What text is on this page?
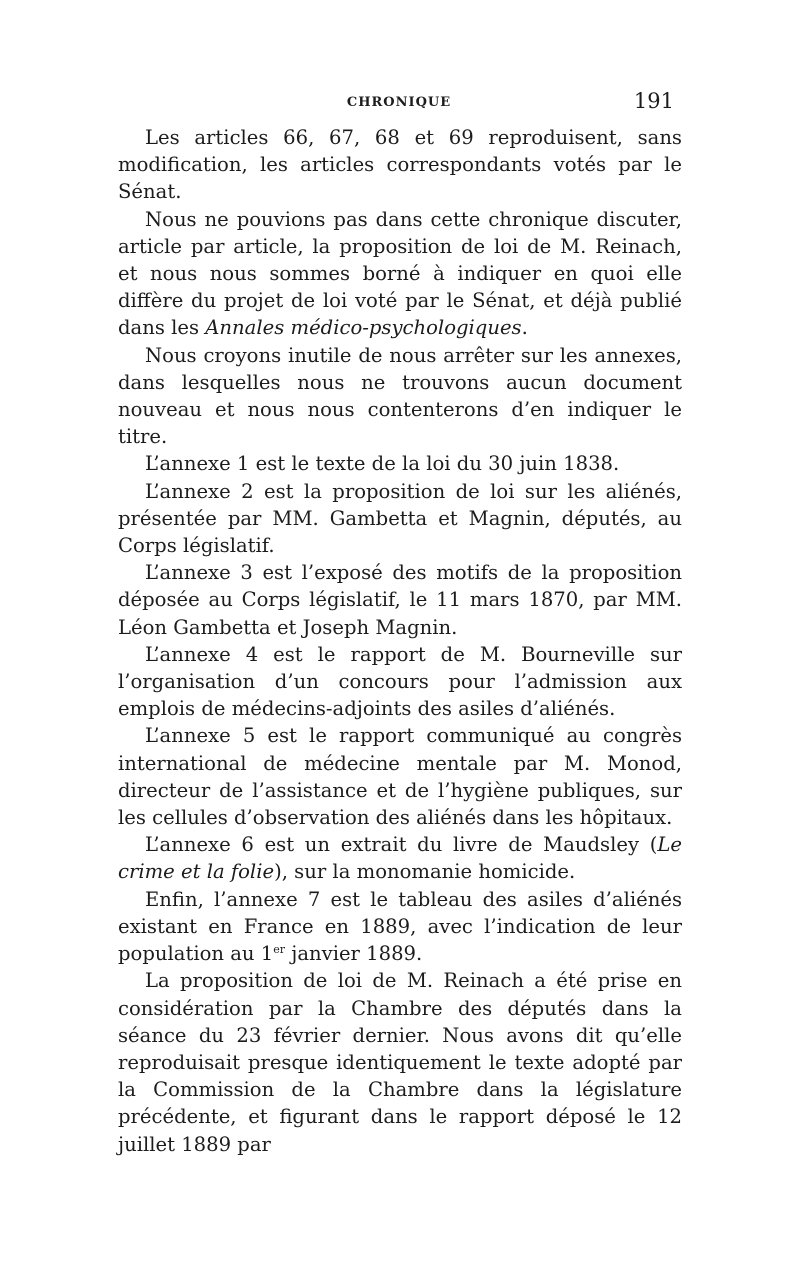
CHRONIQUE	191

Les articles 66, 67, 68 et 69 reproduisent, sans modification, les articles correspondants votés par le Sénat.

Nous ne pouvions pas dans cette chronique discuter, article par article, la proposition de loi de M. Reinach, et nous nous sommes borné à indiquer en quoi elle diffère du projet de loi voté par le Sénat, et déjà publié dans les Annales médico-psychologiques.

Nous croyons inutile de nous arrêter sur les annexes, dans lesquelles nous ne trouvons aucun document nouveau et nous nous contenterons d’en indiquer le titre.

L’annexe 1 est le texte de la loi du 30 juin 1838.

L’annexe 2 est la proposition de loi sur les aliénés, présentée par MM. Gambetta et Magnin, députés, au Corps législatif.

L’annexe 3 est l’exposé des motifs de la proposition déposée au Corps législatif, le 11 mars 1870, par MM. Léon Gambetta et Joseph Magnin.

L’annexe 4 est le rapport de M. Bourneville sur l’organisation d’un concours pour l’admission aux emplois de médecins-adjoints des asiles d’aliénés.

L’annexe 5 est le rapport communiqué au congrès international de médecine mentale par M. Monod, directeur de l’assistance et de l’hygiène publiques, sur les cellules d’observation des aliénés dans les hôpitaux.

L’annexe 6 est un extrait du livre de Maudsley (Le crime et la folie), sur la monomanie homicide.

Enfin, l’annexe 7 est le tableau des asiles d’aliénés existant en France en 1889, avec l’indication de leur population au 1er janvier 1889.

La proposition de loi de M. Reinach a été prise en considération par la Chambre des députés dans la séance du 23 février dernier. Nous avons dit qu’elle reproduisait presque identiquement le texte adopté par la Commission de la Chambre dans la législature précédente, et figurant dans le rapport déposé le 12 juillet 1889 par
